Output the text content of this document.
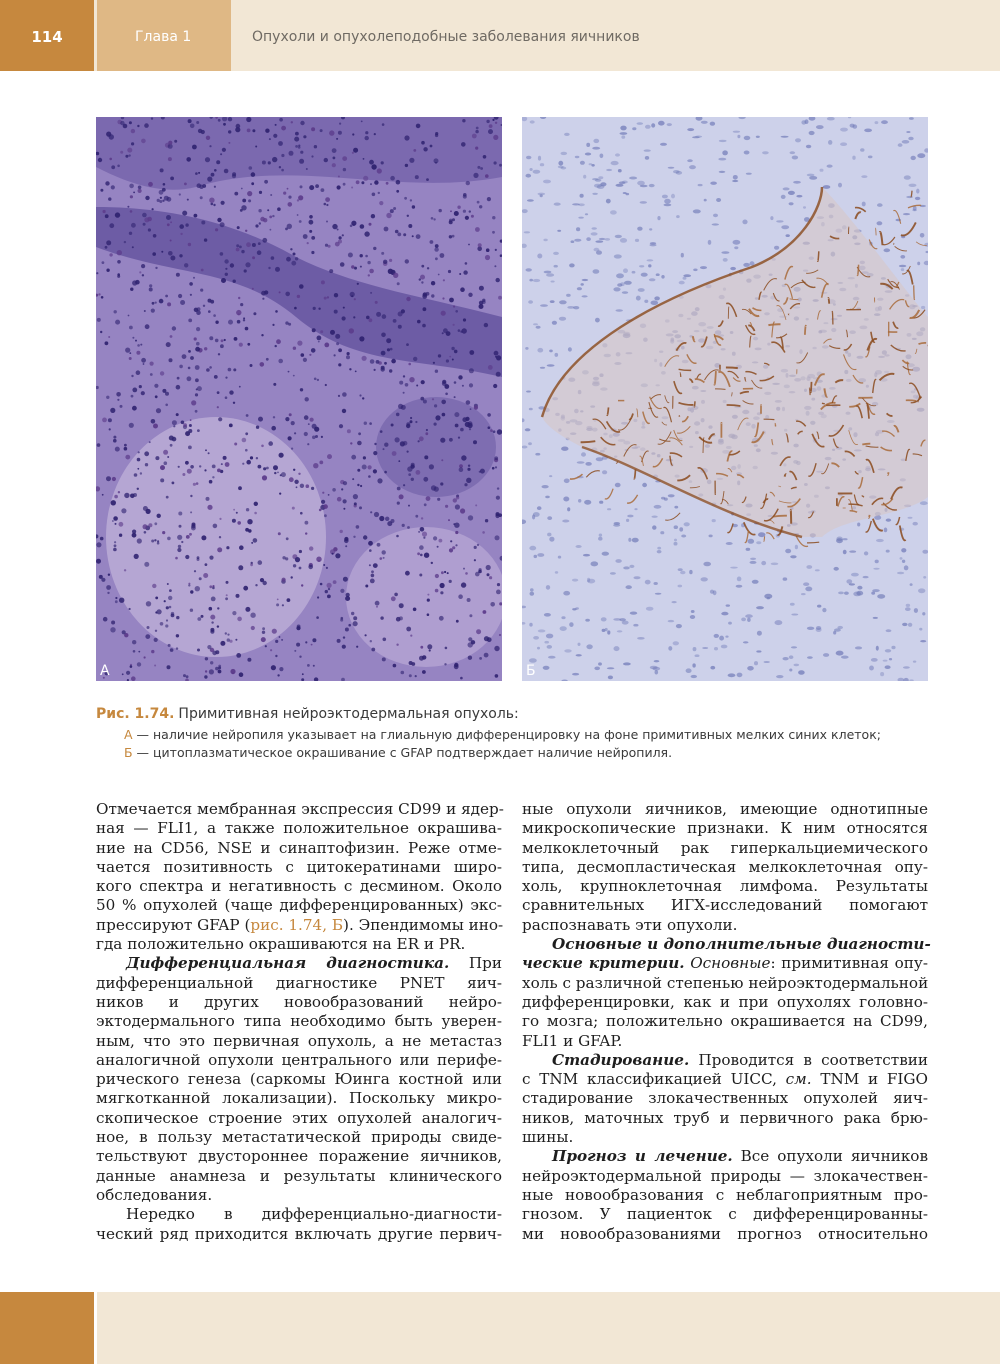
114	Глава 1	Опухоли и опухолеподобные заболевания яичников
А	Б
Рис. 1.74. Примитивная нейроэктодермальная опухоль:
А — наличие нейропиля указывает на глиальную дифференцировку на фоне примитивных мелких синих клеток;
Б — цитоплазматическое окрашивание с GFAP подтверждает наличие нейропиля.
Отмечается мембранная экспрессия CD99 и ядер-
ная — FLI1, а также положительное окрашива-
ние на CD56, NSE и синаптофизин. Реже отме-
чается позитивность с цитокератинами широ-
кого спектра и негативность с десмином. Около
50 % опухолей (чаще дифференцированных) экс-
прессируют GFAP (рис. 1.74, Б). Эпендимомы ино-
гда положительно окрашиваются на ER и PR.
Дифференциальная диагностика. При
дифференциальной диагностике PNET яич-
ников и других новообразований нейро-
эктодермального типа необходимо быть уверен-
ным, что это первичная опухоль, а не метастаз
аналогичной опухоли центрального или перифе-
рического генеза (саркомы Юинга костной или
мягкотканной локализации). Поскольку микро-
скопическое строение этих опухолей аналогич-
ное, в пользу метастатической природы свиде-
тельствуют двустороннее поражение яичников,
данные анамнеза и результаты клинического
обследования.
Нередко в дифференциально-диагности-
ческий ряд приходится включать другие первич-
ные опухоли яичников, имеющие однотипные
микроскопические признаки. К ним относятся
мелкоклеточный рак гиперкальциемического
типа, десмопластическая мелкоклеточная опу-
холь, крупноклеточная лимфома. Результаты
сравнительных ИГХ-исследований помогают
распознавать эти опухоли.
Основные и дополнительные диагности-
ческие критерии. Основные: примитивная опу-
холь с различной степенью нейроэктодермальной
дифференцировки, как и при опухолях головно-
го мозга; положительно окрашивается на CD99,
FLI1 и GFAP.
Стадирование. Проводится в соответствии
с TNM классификацией UICC, см. TNM и FIGO
стадирование злокачественных опухолей яич-
ников, маточных труб и первичного рака брю-
шины.
Прогноз и лечение. Все опухоли яичников
нейроэктодермальной природы — злокачествен-
ные новообразования с неблагоприятным про-
гнозом. У пациенток с дифференцированны-
ми новообразованиями прогноз относительно
